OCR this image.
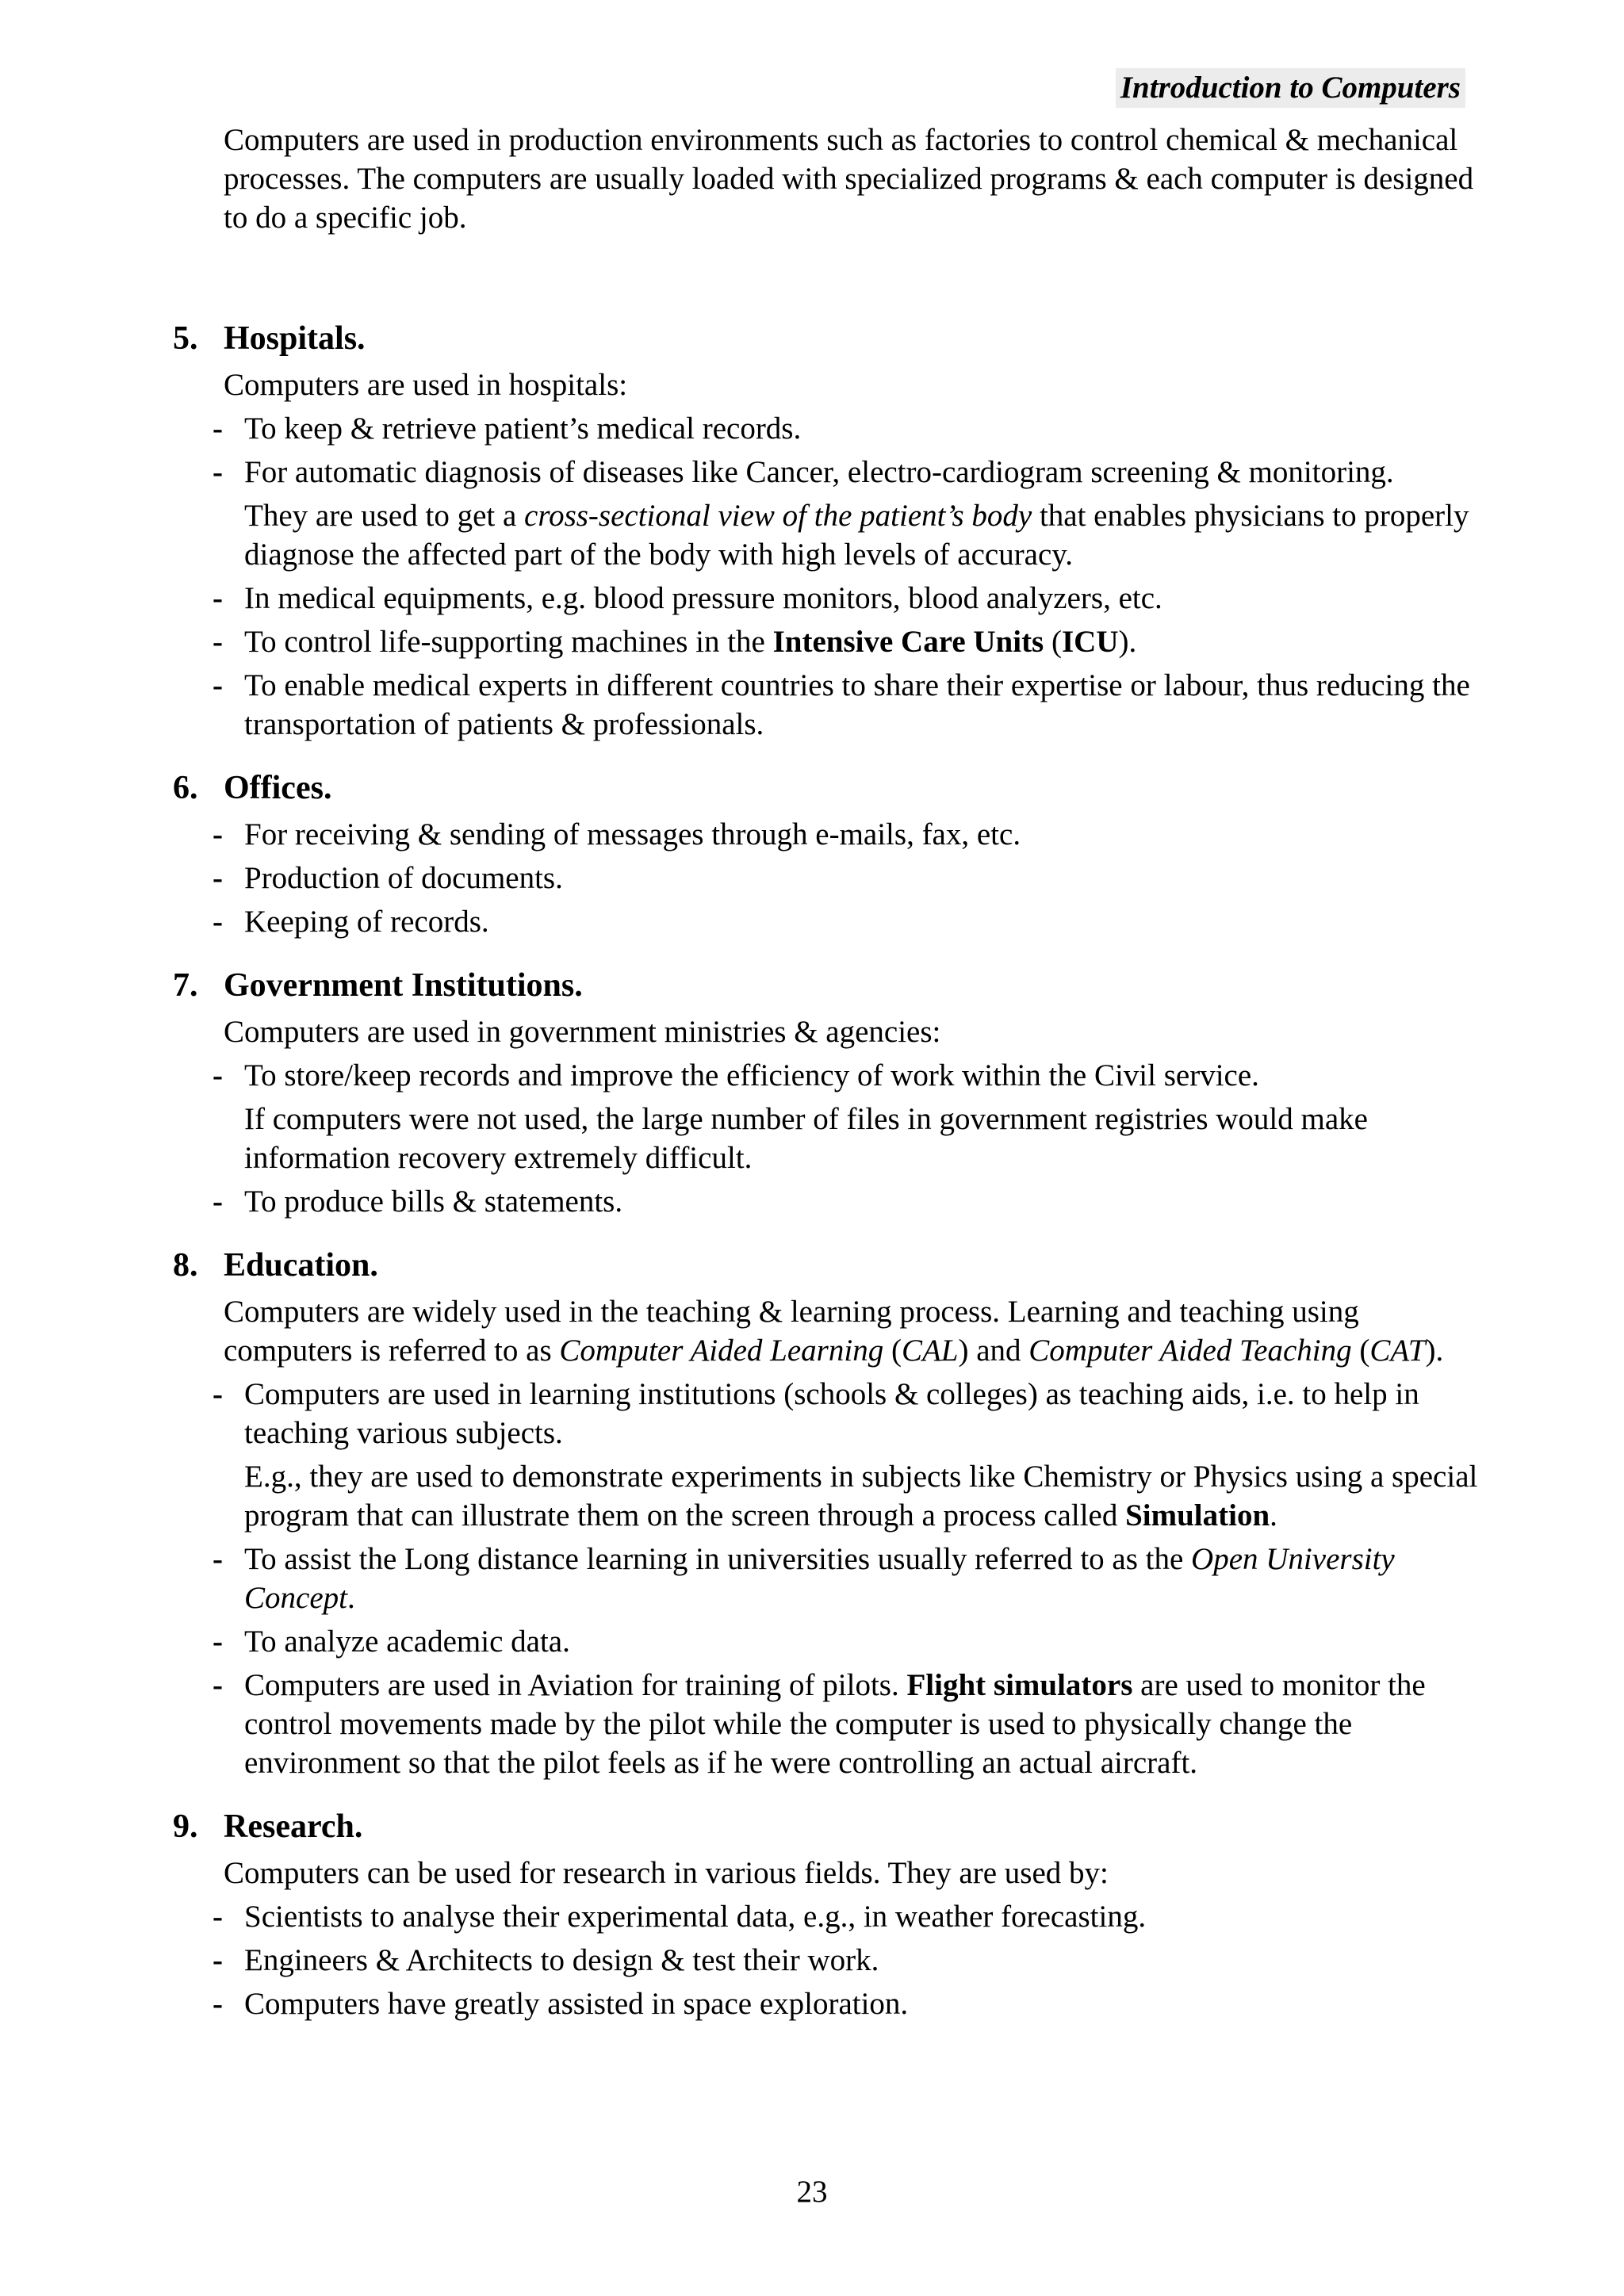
Introduction to Computers
Computers are used in production environments such as factories to control chemical & mechanical processes. The computers are usually loaded with specialized programs & each computer is designed to do a specific job.
5. Hospitals.
Computers are used in hospitals:
- To keep & retrieve patient’s medical records.
- For automatic diagnosis of diseases like Cancer, electro-cardiogram screening & monitoring.
They are used to get a cross-sectional view of the patient’s body that enables physicians to properly diagnose the affected part of the body with high levels of accuracy.
- In medical equipments, e.g. blood pressure monitors, blood analyzers, etc.
- To control life-supporting machines in the Intensive Care Units (ICU).
- To enable medical experts in different countries to share their expertise or labour, thus reducing the transportation of patients & professionals.
6. Offices.
- For receiving & sending of messages through e-mails, fax, etc.
- Production of documents.
- Keeping of records.
7. Government Institutions.
Computers are used in government ministries & agencies:
- To store/keep records and improve the efficiency of work within the Civil service.
If computers were not used, the large number of files in government registries would make information recovery extremely difficult.
- To produce bills & statements.
8. Education.
Computers are widely used in the teaching & learning process. Learning and teaching using computers is referred to as Computer Aided Learning (CAL) and Computer Aided Teaching (CAT).
- Computers are used in learning institutions (schools & colleges) as teaching aids, i.e. to help in teaching various subjects.
E.g., they are used to demonstrate experiments in subjects like Chemistry or Physics using a special program that can illustrate them on the screen through a process called Simulation.
- To assist the Long distance learning in universities usually referred to as the Open University Concept.
- To analyze academic data.
- Computers are used in Aviation for training of pilots. Flight simulators are used to monitor the control movements made by the pilot while the computer is used to physically change the environment so that the pilot feels as if he were controlling an actual aircraft.
9. Research.
Computers can be used for research in various fields. They are used by:
- Scientists to analyse their experimental data, e.g., in weather forecasting.
- Engineers & Architects to design & test their work.
- Computers have greatly assisted in space exploration.
23
